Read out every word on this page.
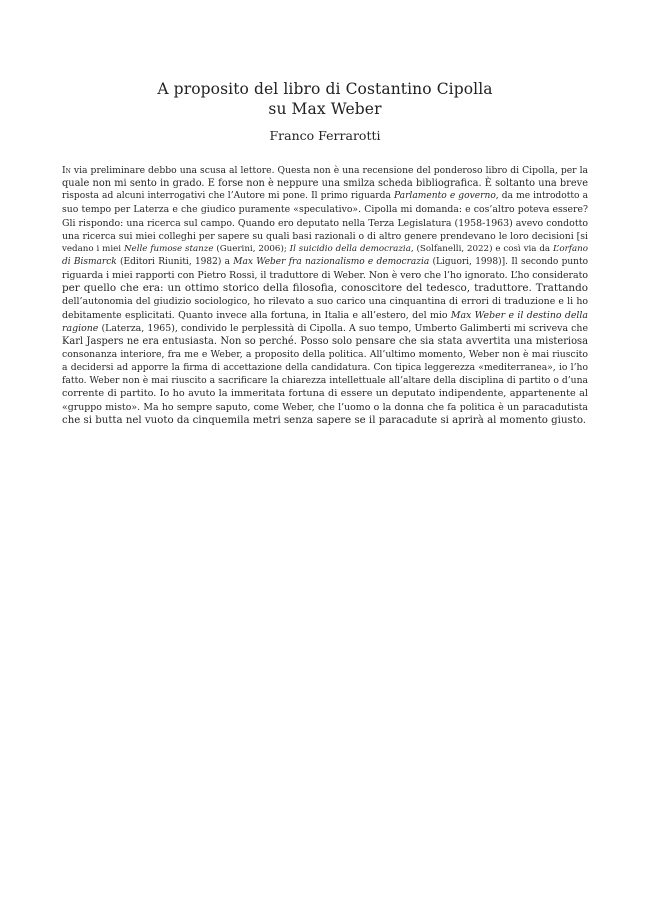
A proposito del libro di Costantino Cipolla
su Max Weber
Franco Ferrarotti
In via preliminare debbo una scusa al lettore. Questa non è una recensione del ponderoso libro di Cipolla, per la
quale non mi sento in grado. E forse non è neppure una smilza scheda bibliografica. È soltanto una breve
risposta ad alcuni interrogativi che l’Autore mi pone. Il primo riguarda Parlamento e governo, da me introdotto a
suo tempo per Laterza e che giudico puramente «speculativo». Cipolla mi domanda: e cos’altro poteva essere?
Gli rispondo: una ricerca sul campo. Quando ero deputato nella Terza Legislatura (1958-1963) avevo condotto
una ricerca sui miei colleghi per sapere su quali basi razionali o di altro genere prendevano le loro decisioni [si
vedano i miei Nelle fumose stanze (Guerini, 2006); Il suicidio della democrazia, (Solfanelli, 2022) e così via da L’orfano
di Bismarck (Editori Riuniti, 1982) a Max Weber fra nazionalismo e democrazia (Liguori, 1998)]. Il secondo punto
riguarda i miei rapporti con Pietro Rossi, il traduttore di Weber. Non è vero che l’ho ignorato. L’ho considerato
per quello che era: un ottimo storico della filosofia, conoscitore del tedesco, traduttore. Trattando
dell’autonomia del giudizio sociologico, ho rilevato a suo carico una cinquantina di errori di traduzione e li ho
debitamente esplicitati. Quanto invece alla fortuna, in Italia e all’estero, del mio Max Weber e il destino della
ragione (Laterza, 1965), condivido le perplessità di Cipolla. A suo tempo, Umberto Galimberti mi scriveva che
Karl Jaspers ne era entusiasta. Non so perché. Posso solo pensare che sia stata avvertita una misteriosa
consonanza interiore, fra me e Weber, a proposito della politica. All’ultimo momento, Weber non è mai riuscito
a decidersi ad apporre la firma di accettazione della candidatura. Con tipica leggerezza «mediterranea», io l’ho
fatto. Weber non è mai riuscito a sacrificare la chiarezza intellettuale all’altare della disciplina di partito o d’una
corrente di partito. Io ho avuto la immeritata fortuna di essere un deputato indipendente, appartenente al
«gruppo misto». Ma ho sempre saputo, come Weber, che l’uomo o la donna che fa politica è un paracadutista
che si butta nel vuoto da cinquemila metri senza sapere se il paracadute si aprirà al momento giusto.
